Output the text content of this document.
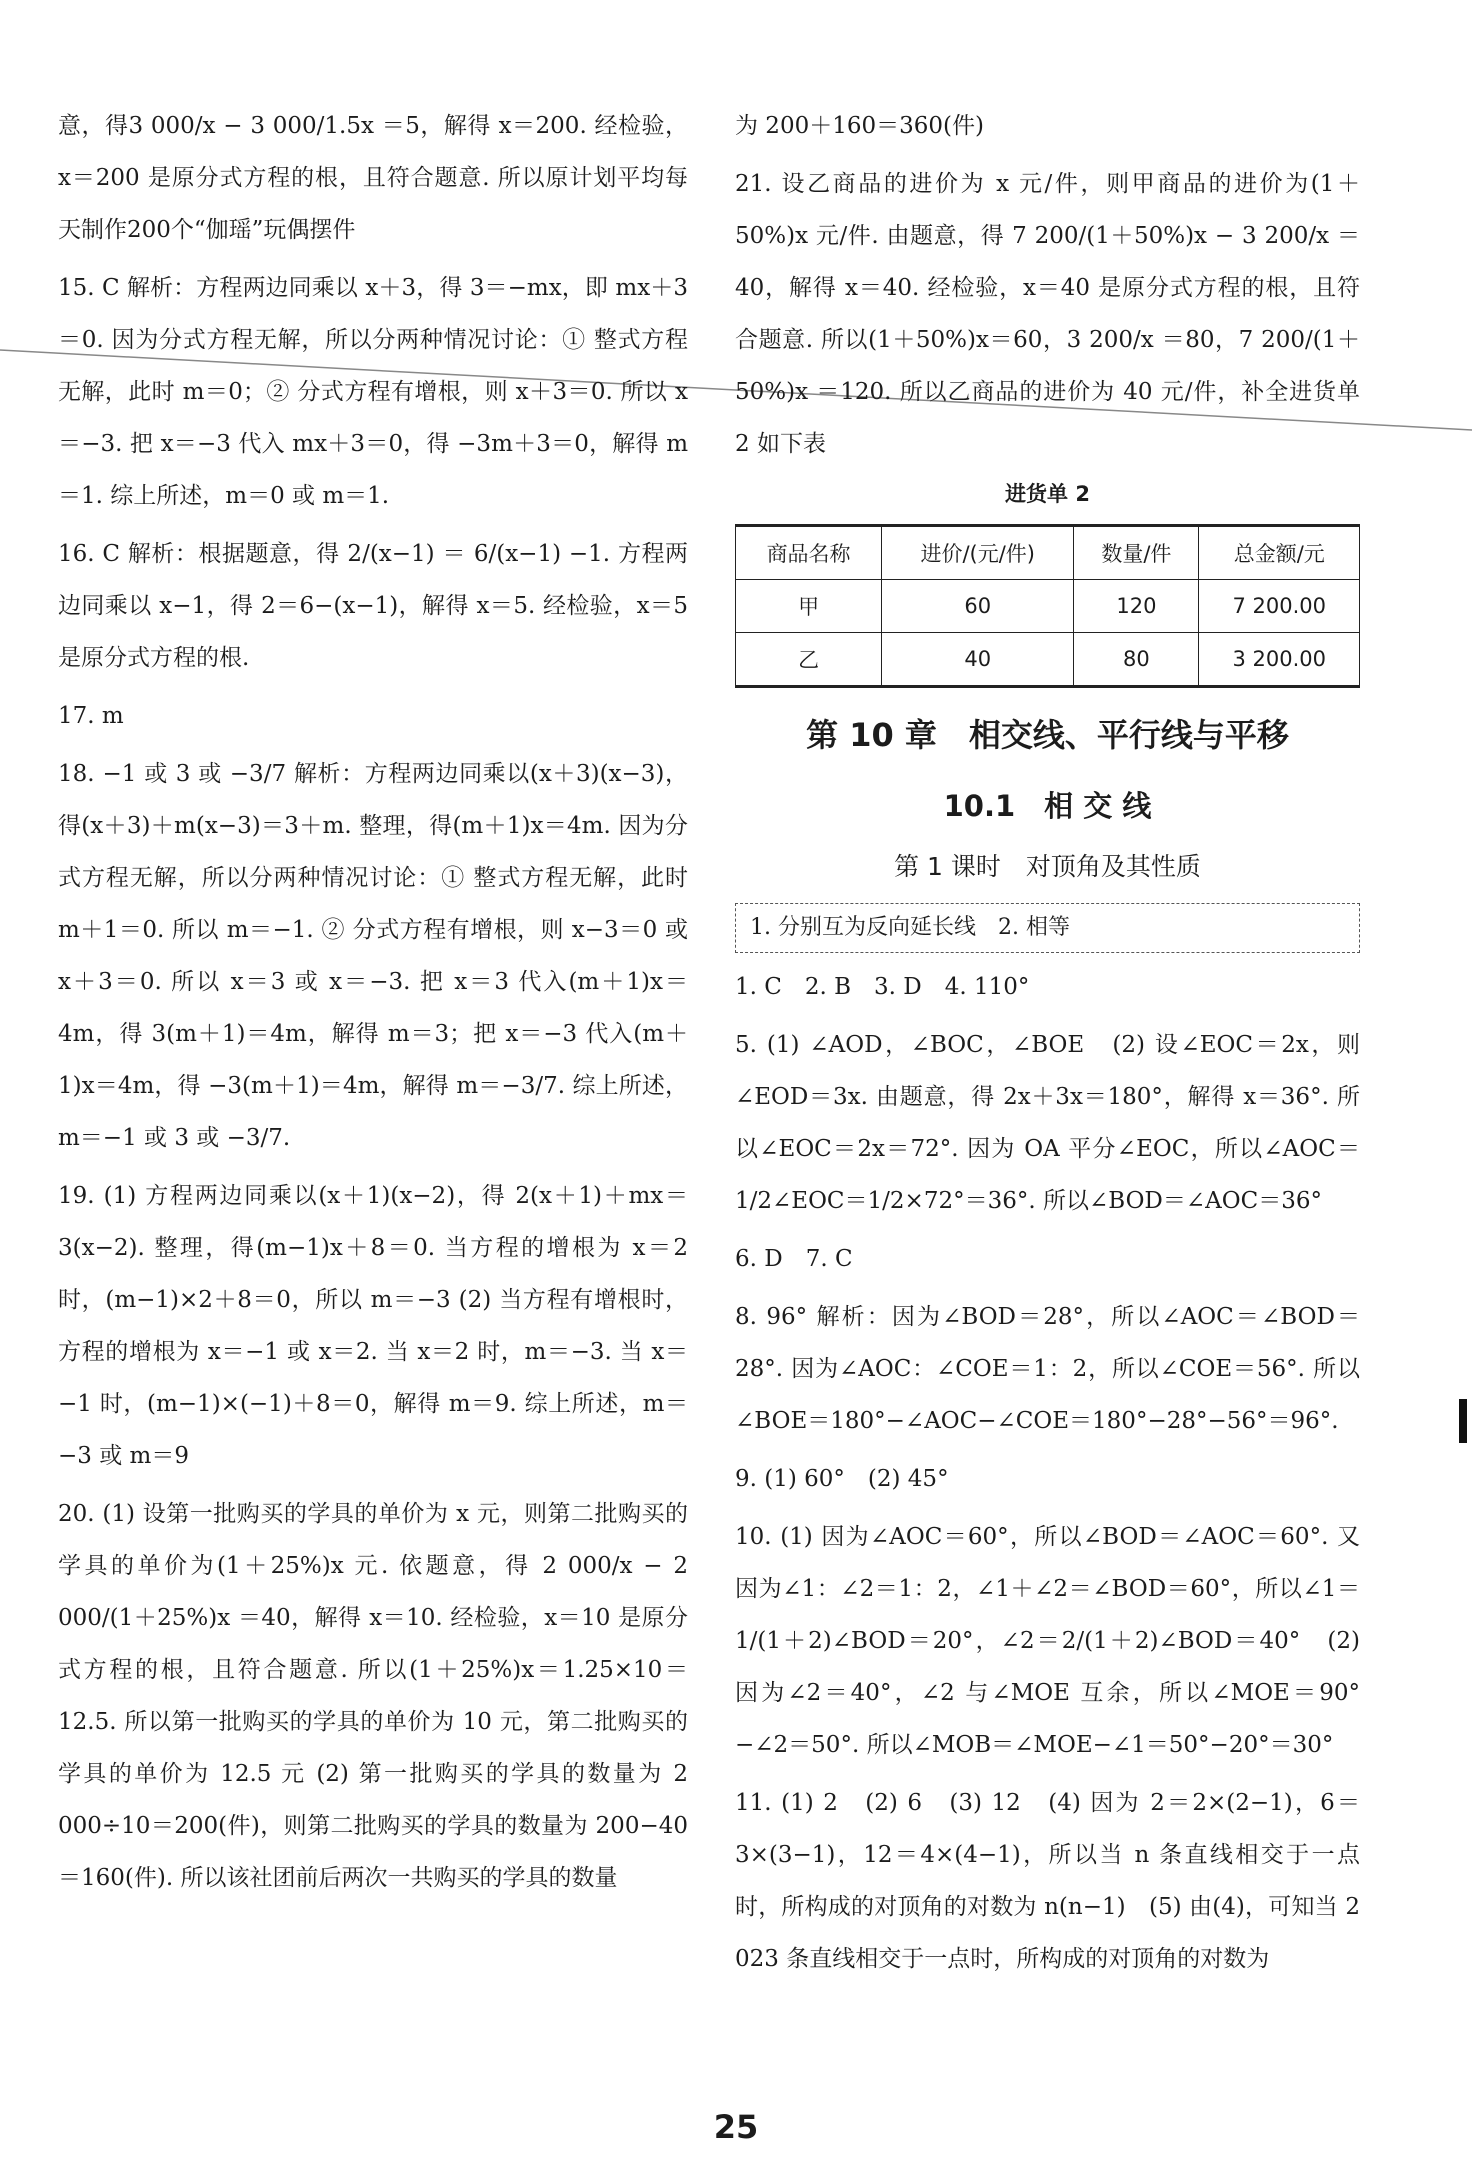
意，得3 000/x − 3 000/1.5x ＝5，解得 x＝200. 经检验，x＝200 是原分式方程的根，且符合题意. 所以原计划平均每天制作200个“伽瑶”玩偶摆件

15. C 解析：方程两边同乘以 x＋3，得 3＝−mx，即 mx＋3＝0. 因为分式方程无解，所以分两种情况讨论：① 整式方程无解，此时 m＝0；② 分式方程有增根，则 x＋3＝0. 所以 x＝−3. 把 x＝−3 代入 mx＋3＝0，得 −3m＋3＝0，解得 m＝1. 综上所述，m＝0 或 m＝1.

16. C 解析：根据题意，得 2/(x−1) ＝ 6/(x−1) −1. 方程两边同乘以 x−1，得 2＝6−(x−1)，解得 x＝5. 经检验，x＝5 是原分式方程的根.

17. m

18. −1 或 3 或 −3/7 解析：方程两边同乘以(x＋3)(x−3)，得(x＋3)＋m(x−3)＝3＋m. 整理，得(m＋1)x＝4m. 因为分式方程无解，所以分两种情况讨论：① 整式方程无解，此时 m＋1＝0. 所以 m＝−1. ② 分式方程有增根，则 x−3＝0 或 x＋3＝0. 所以 x＝3 或 x＝−3. 把 x＝3 代入(m＋1)x＝4m，得 3(m＋1)＝4m，解得 m＝3；把 x＝−3 代入(m＋1)x＝4m，得 −3(m＋1)＝4m，解得 m＝−3/7. 综上所述，m＝−1 或 3 或 −3/7.

19. (1) 方程两边同乘以(x＋1)(x−2)，得 2(x＋1)＋mx＝3(x−2). 整理，得(m−1)x＋8＝0. 当方程的增根为 x＝2 时，(m−1)×2＋8＝0，所以 m＝−3 (2) 当方程有增根时，方程的增根为 x＝−1 或 x＝2. 当 x＝2 时，m＝−3. 当 x＝−1 时，(m−1)×(−1)＋8＝0，解得 m＝9. 综上所述，m＝−3 或 m＝9

20. (1) 设第一批购买的学具的单价为 x 元，则第二批购买的学具的单价为(1＋25%)x 元. 依题意，得 2 000/x − 2 000/(1＋25%)x ＝40，解得 x＝10. 经检验，x＝10 是原分式方程的根，且符合题意. 所以(1＋25%)x＝1.25×10＝12.5. 所以第一批购买的学具的单价为 10 元，第二批购买的学具的单价为 12.5 元 (2) 第一批购买的学具的数量为 2 000÷10＝200(件)，则第二批购买的学具的数量为 200−40＝160(件). 所以该社团前后两次一共购买的学具的数量

为 200＋160＝360(件)

21. 设乙商品的进价为 x 元/件，则甲商品的进价为(1＋50%)x 元/件. 由题意，得 7 200/(1＋50%)x − 3 200/x ＝40，解得 x＝40. 经检验，x＝40 是原分式方程的根，且符合题意. 所以(1＋50%)x＝60，3 200/x ＝80，7 200/(1＋50%)x ＝120. 所以乙商品的进价为 40 元/件，补全进货单 2 如下表

进货单 2
商品名称	进价/(元/件)	数量/件	总金额/元
甲	60	120	7 200.00
乙	40	80	3 200.00
第 10 章　相交线、平行线与平移
10.1　相 交 线
第 1 课时　对顶角及其性质
1. 分别互为反向延长线　2. 相等

1. C　2. B　3. D　4. 110°

5. (1) ∠AOD，∠BOC，∠BOE　(2) 设∠EOC＝2x，则∠EOD＝3x. 由题意，得 2x＋3x＝180°，解得 x＝36°. 所以∠EOC＝2x＝72°. 因为 OA 平分∠EOC，所以∠AOC＝1/2∠EOC＝1/2×72°＝36°. 所以∠BOD＝∠AOC＝36°

6. D　7. C

8. 96° 解析：因为∠BOD＝28°，所以∠AOC＝∠BOD＝28°. 因为∠AOC：∠COE＝1：2，所以∠COE＝56°. 所以∠BOE＝180°−∠AOC−∠COE＝180°−28°−56°＝96°.

9. (1) 60°　(2) 45°

10. (1) 因为∠AOC＝60°，所以∠BOD＝∠AOC＝60°. 又因为∠1：∠2＝1：2，∠1＋∠2＝∠BOD＝60°，所以∠1＝1/(1＋2)∠BOD＝20°，∠2＝2/(1＋2)∠BOD＝40°　(2) 因为∠2＝40°，∠2 与∠MOE 互余，所以∠MOE＝90°−∠2＝50°. 所以∠MOB＝∠MOE−∠1＝50°−20°＝30°

11. (1) 2　(2) 6　(3) 12　(4) 因为 2＝2×(2−1)，6＝3×(3−1)，12＝4×(4−1)，所以当 n 条直线相交于一点时，所构成的对顶角的对数为 n(n−1)　(5) 由(4)，可知当 2 023 条直线相交于一点时，所构成的对顶角的对数为

25
